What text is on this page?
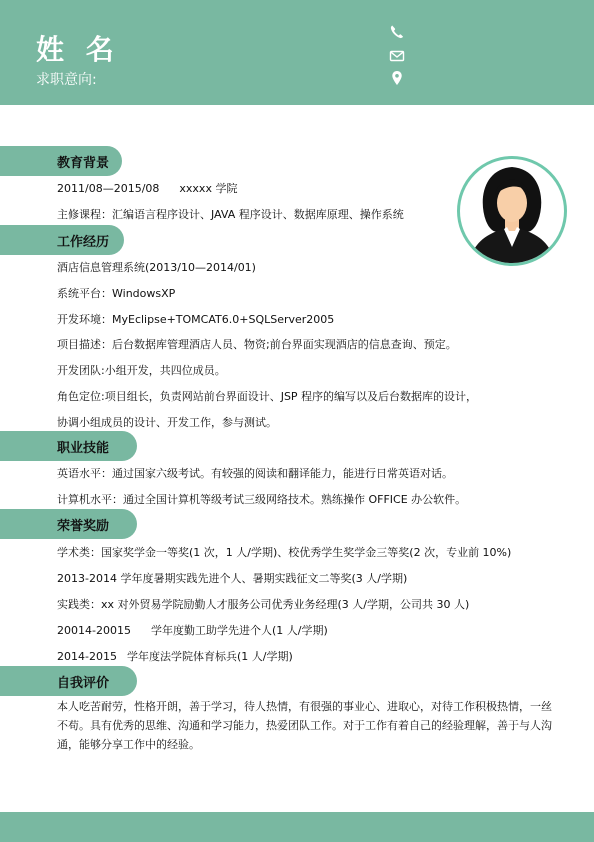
姓 名
求职意向:
教育背景
2011/08—2015/08 xxxxx 学院
主修课程：汇编语言程序设计、JAVA 程序设计、数据库原理、操作系统
工作经历
酒店信息管理系统(2013/10—2014/01)
系统平台：WindowsXP
开发环境：MyEclipse+TOMCAT6.0+SQLServer2005
项目描述：后台数据库管理酒店人员、物资;前台界面实现酒店的信息查询、预定。
开发团队:小组开发，共四位成员。
角色定位:项目组长，负责网站前台界面设计、JSP 程序的编写以及后台数据库的设计，
协调小组成员的设计、开发工作，参与测试。
职业技能
英语水平：通过国家六级考试。有较强的阅读和翻译能力，能进行日常英语对话。
计算机水平：通过全国计算机等级考试三级网络技术。熟练操作 OFFICE 办公软件。
荣誉奖励
学术类：国家奖学金一等奖(1 次，1 人/学期)、校优秀学生奖学金三等奖(2 次，专业前 10%)
2013-2014 学年度暑期实践先进个人、暑期实践征文二等奖(3 人/学期)
实践类：xx 对外贸易学院励勤人才服务公司优秀业务经理(3 人/学期，公司共 30 人)
20014-20015 学年度勤工助学先进个人(1 人/学期)
2014-2015 学年度法学院体育标兵(1 人/学期)
自我评价
本人吃苦耐劳，性格开朗，善于学习，待人热情，有很强的事业心、进取心，对待工作积极热情，一丝不苟。具有优秀的思维、沟通和学习能力，热爱团队工作。对于工作有着自己的经验理解，善于与人沟通，能够分享工作中的经验。
